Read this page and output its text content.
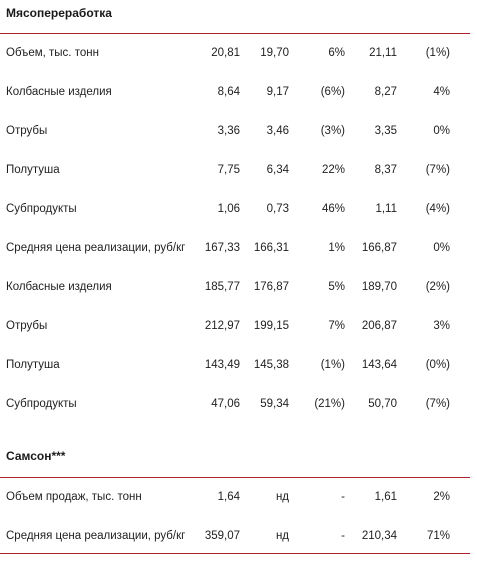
Мясопереработка
Объем, тыс. тонн	20,81	19,70	6%	21,11	(1%)
Колбасные изделия	8,64	9,17	(6%)	8,27	4%
Отрубы	3,36	3,46	(3%)	3,35	0%
Полутуша	7,75	6,34	22%	8,37	(7%)
Субпродукты	1,06	0,73	46%	1,11	(4%)
Средняя цена реализации, руб/кг	167,33	166,31	1%	166,87	0%
Колбасные изделия	185,77	176,87	5%	189,70	(2%)
Отрубы	212,97	199,15	7%	206,87	3%
Полутуша	143,49	145,38	(1%)	143,64	(0%)
Субпродукты	47,06	59,34	(21%)	50,70	(7%)
Самсон***
Объем продаж, тыс. тонн	1,64	нд	-	1,61	2%
Средняя цена реализации, руб/кг	359,07	нд	-	210,34	71%
